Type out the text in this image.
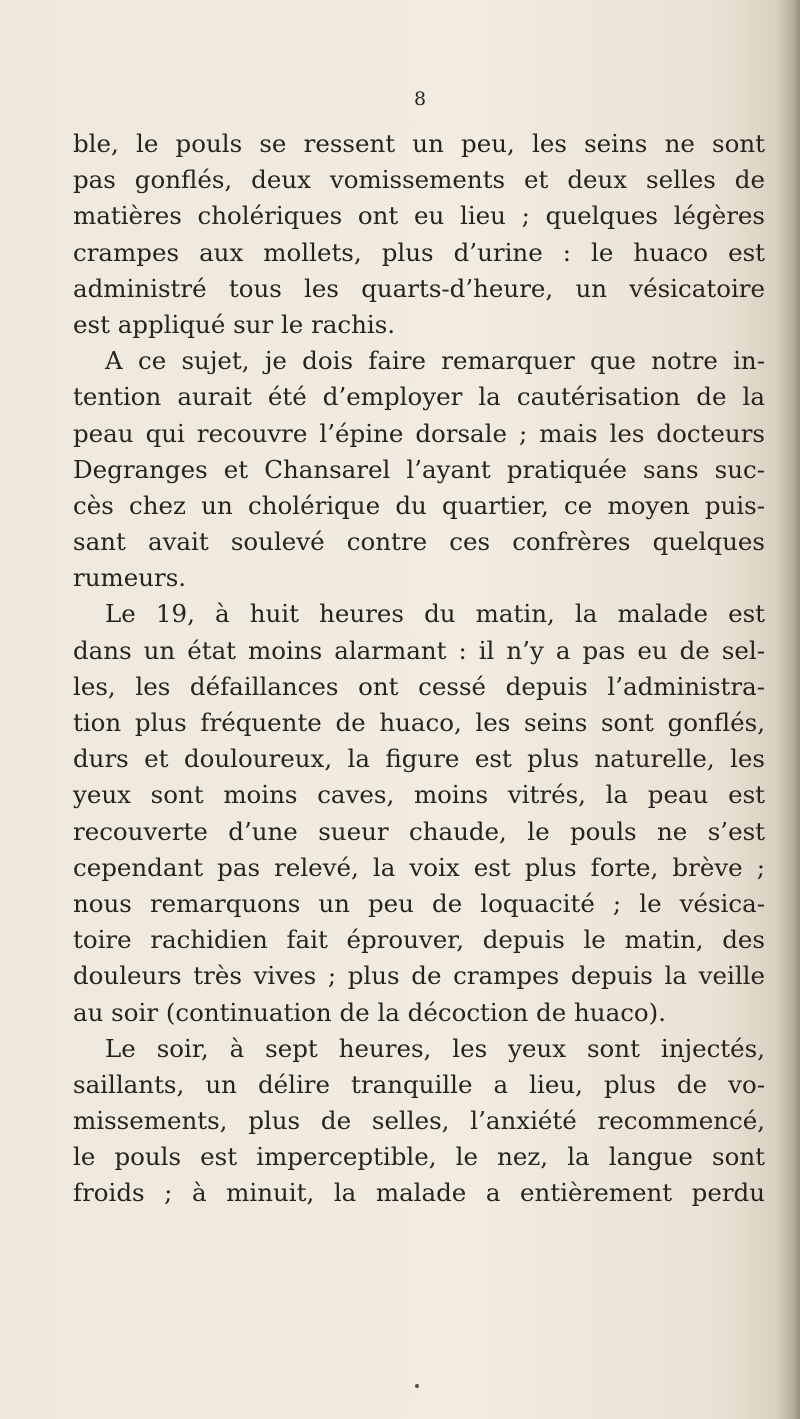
8
ble, le pouls se ressent un peu, les seins ne sont
pas gonflés, deux vomissements et deux selles de
matières cholériques ont eu lieu ; quelques légères
crampes aux mollets, plus d’urine : le huaco est
administré tous les quarts-d’heure, un vésicatoire
est appliqué sur le rachis.
A ce sujet, je dois faire remarquer que notre in-
tention aurait été d’employer la cautérisation de la
peau qui recouvre l’épine dorsale ; mais les docteurs
Degranges et Chansarel l’ayant pratiquée sans suc-
cès chez un cholérique du quartier, ce moyen puis-
sant avait soulevé contre ces confrères quelques
rumeurs.
Le 19, à huit heures du matin, la malade est
dans un état moins alarmant : il n’y a pas eu de sel-
les, les défaillances ont cessé depuis l’administra-
tion plus fréquente de huaco, les seins sont gonflés,
durs et douloureux, la figure est plus naturelle, les
yeux sont moins caves, moins vitrés, la peau est
recouverte d’une sueur chaude, le pouls ne s’est
cependant pas relevé, la voix est plus forte, brève ;
nous remarquons un peu de loquacité ; le vésica-
toire rachidien fait éprouver, depuis le matin, des
douleurs très vives ; plus de crampes depuis la veille
au soir (continuation de la décoction de huaco).
Le soir, à sept heures, les yeux sont injectés,
saillants, un délire tranquille a lieu, plus de vo-
missements, plus de selles, l’anxiété recommencé,
le pouls est imperceptible, le nez, la langue sont
froids ; à minuit, la malade a entièrement perdu
